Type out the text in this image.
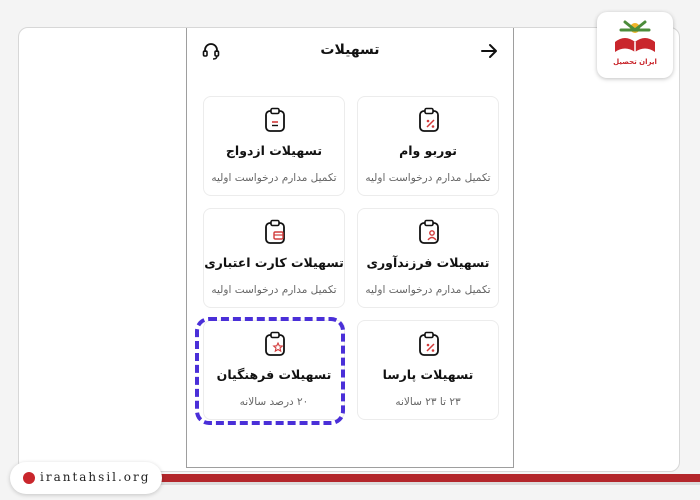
تسهیلات
تسهیلات ازدواج
تکمیل مدارم درخواست اولیه
توربو وام
تکمیل مدارم درخواست اولیه
تسهیلات کارت اعتباری
تکمیل مدارم درخواست اولیه
تسهیلات فرزندآوری
تکمیل مدارم درخواست اولیه
تسهیلات فرهنگیان
۲۰ درصد سالانه
تسهیلات پارسا
۲۳ تا ۲۳ سالانه
ایران تحصیل
irantahsil.org
